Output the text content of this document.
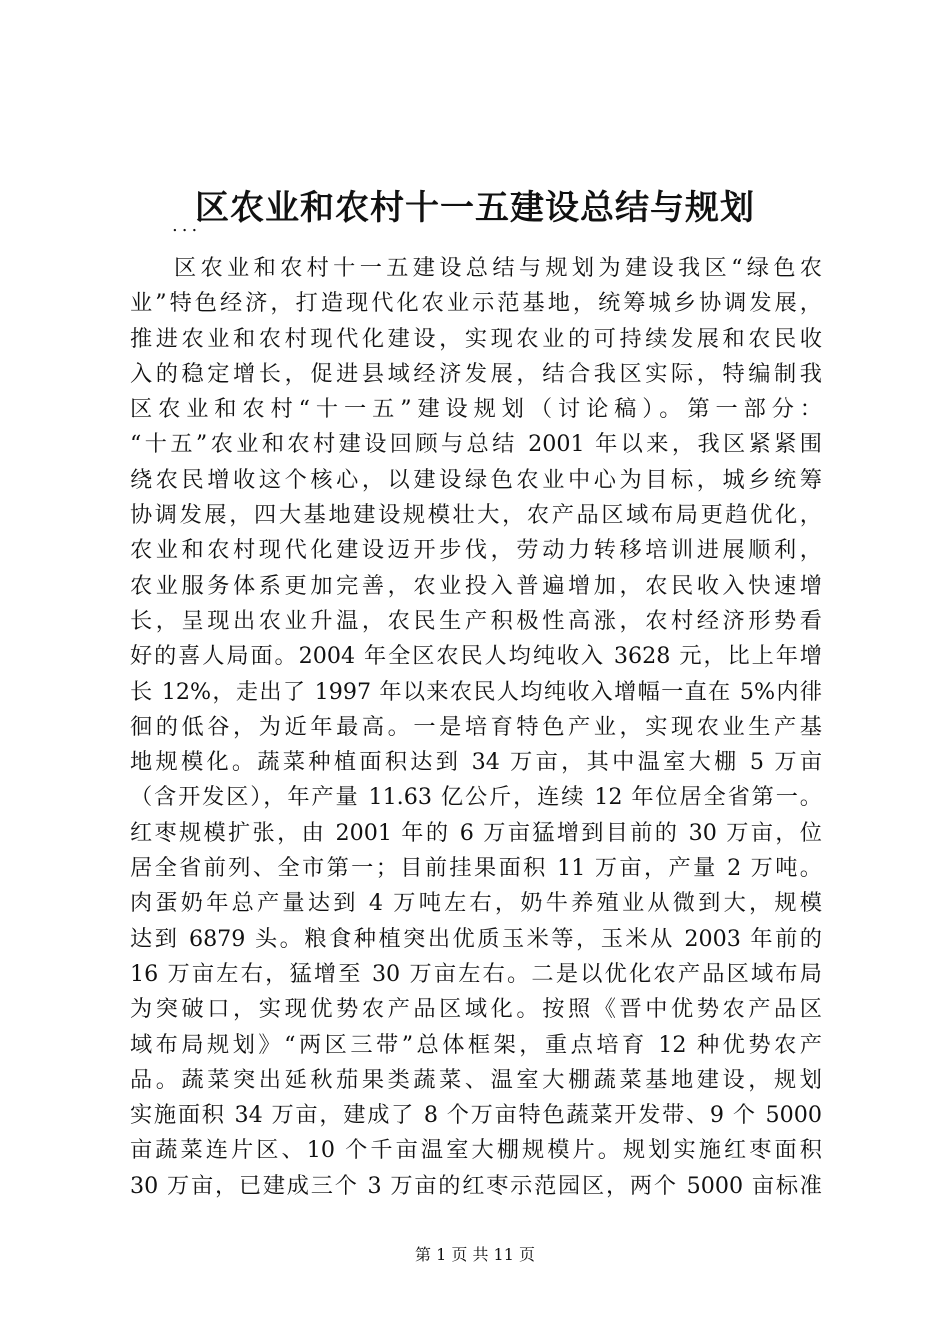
区农业和农村十一五建设总结与规划
...
区农业和农村十一五建设总结与规划为建设我区“绿色农
业”特色经济，打造现代化农业示范基地，统筹城乡协调发展，
推进农业和农村现代化建设，实现农业的可持续发展和农民收
入的稳定增长，促进县域经济发展，结合我区实际，特编制我
区农业和农村“十一五”建设规划（讨论稿）。第一部分：
“十五”农业和农村建设回顾与总结 2001 年以来，我区紧紧围
绕农民增收这个核心，以建设绿色农业中心为目标，城乡统筹
协调发展，四大基地建设规模壮大，农产品区域布局更趋优化，
农业和农村现代化建设迈开步伐，劳动力转移培训进展顺利，
农业服务体系更加完善，农业投入普遍增加，农民收入快速增
长，呈现出农业升温，农民生产积极性高涨，农村经济形势看
好的喜人局面。2004 年全区农民人均纯收入 3628 元，比上年增
长 12%，走出了 1997 年以来农民人均纯收入增幅一直在 5%内徘
徊的低谷，为近年最高。一是培育特色产业，实现农业生产基
地规模化。蔬菜种植面积达到 34 万亩，其中温室大棚 5 万亩
（含开发区），年产量 11.63 亿公斤，连续 12 年位居全省第一。
红枣规模扩张，由 2001 年的 6 万亩猛增到目前的 30 万亩，位
居全省前列、全市第一；目前挂果面积 11 万亩，产量 2 万吨。
肉蛋奶年总产量达到 4 万吨左右，奶牛养殖业从微到大，规模
达到 6879 头。粮食种植突出优质玉米等，玉米从 2003 年前的
16 万亩左右，猛增至 30 万亩左右。二是以优化农产品区域布局
为突破口，实现优势农产品区域化。按照《晋中优势农产品区
域布局规划》“两区三带”总体框架，重点培育 12 种优势农产
品。蔬菜突出延秋茄果类蔬菜、温室大棚蔬菜基地建设，规划
实施面积 34 万亩，建成了 8 个万亩特色蔬菜开发带、9 个 5000
亩蔬菜连片区、10 个千亩温室大棚规模片。规划实施红枣面积
30 万亩，已建成三个 3 万亩的红枣示范园区，两个 5000 亩标准
第 1 页 共 11 页
